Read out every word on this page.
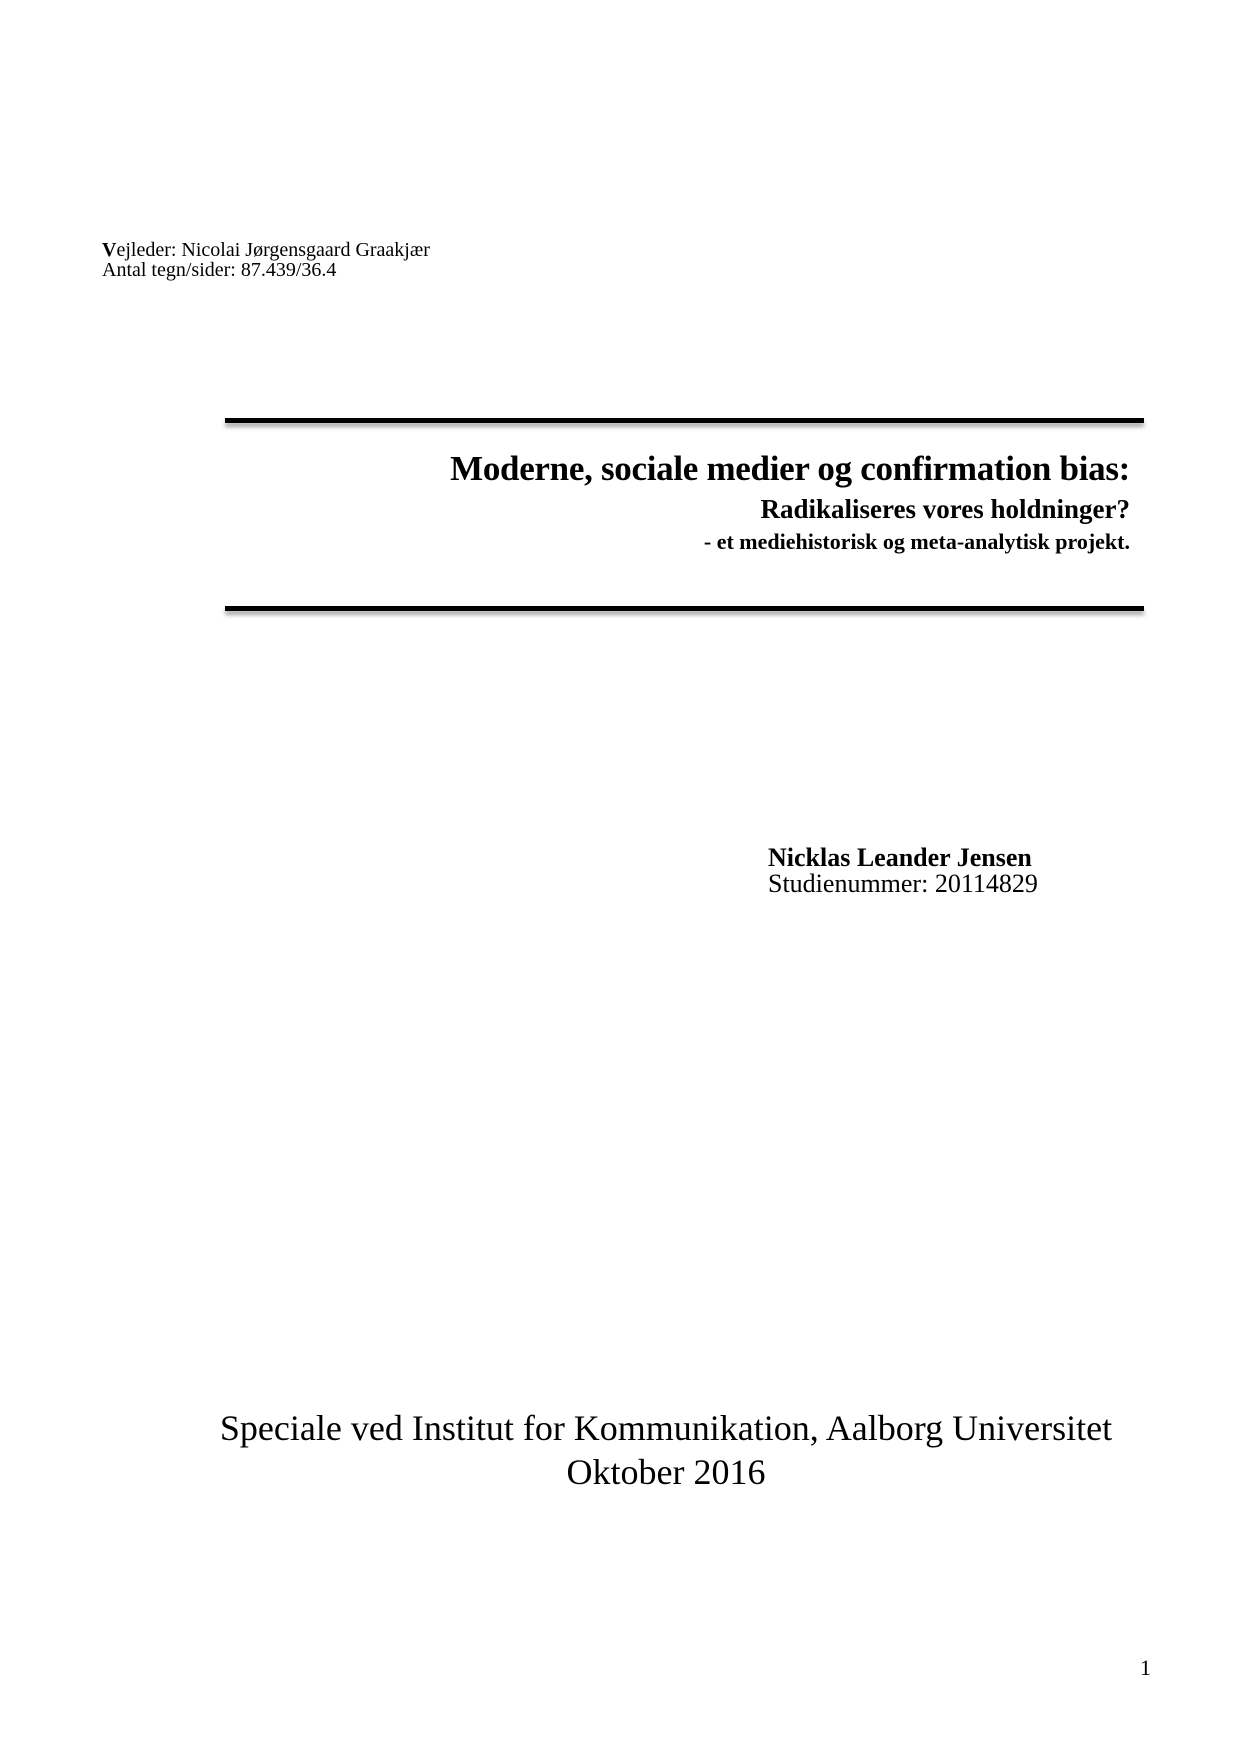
Vejleder: Nicolai Jørgensgaard Graakjær
Antal tegn/sider: 87.439/36.4
Moderne, sociale medier og confirmation bias:
Radikaliseres vores holdninger?
- et mediehistorisk og meta-analytisk projekt.
Nicklas Leander Jensen
Studienummer: 20114829
Speciale ved Institut for Kommunikation, Aalborg Universitet
Oktober 2016
1
